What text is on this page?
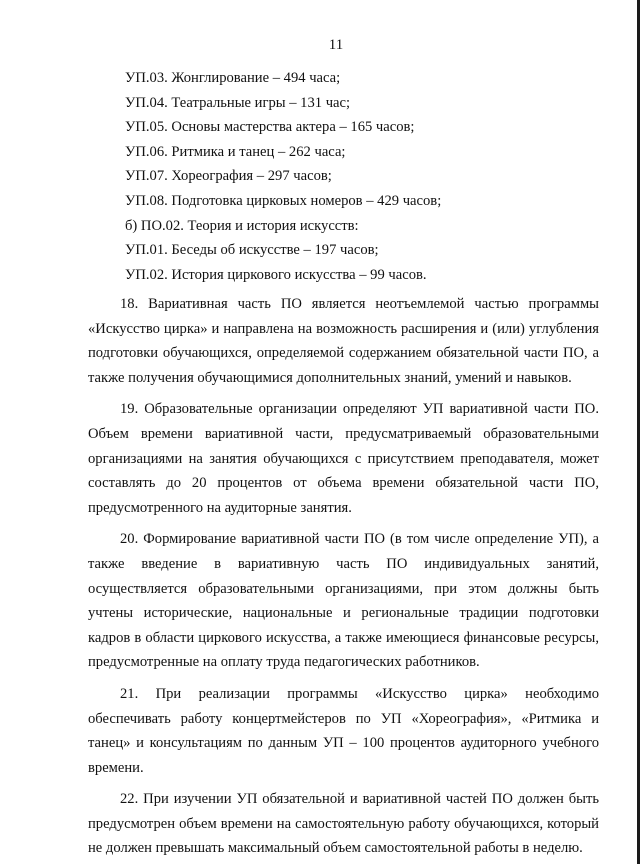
11
УП.03. Жонглирование – 494 часа;
УП.04. Театральные игры – 131 час;
УП.05. Основы мастерства актера – 165 часов;
УП.06. Ритмика и танец – 262 часа;
УП.07. Хореография – 297 часов;
УП.08. Подготовка цирковых номеров – 429 часов;
б) ПО.02. Теория и история искусств:
УП.01. Беседы об искусстве – 197 часов;
УП.02. История циркового искусства – 99 часов.

18. Вариативная часть ПО является неотъемлемой частью программы «Искусство цирка» и направлена на возможность расширения и (или) углубления подготовки обучающихся, определяемой содержанием обязательной части ПО, а также получения обучающимися дополнительных знаний, умений и навыков.

19. Образовательные организации определяют УП вариативной части ПО. Объем времени вариативной части, предусматриваемый образовательными организациями на занятия обучающихся с присутствием преподавателя, может составлять до 20 процентов от объема времени обязательной части ПО, предусмотренного на аудиторные занятия.

20. Формирование вариативной части ПО (в том числе определение УП), а также введение в вариативную часть ПО индивидуальных занятий, осуществляется образовательными организациями, при этом должны быть учтены исторические, национальные и региональные традиции подготовки кадров в области циркового искусства, а также имеющиеся финансовые ресурсы, предусмотренные на оплату труда педагогических работников.

21. При реализации программы «Искусство цирка» необходимо обеспечивать работу концертмейстеров по УП «Хореография», «Ритмика и танец» и консультациям по данным УП – 100 процентов аудиторного учебного времени.

22. При изучении УП обязательной и вариативной частей ПО должен быть предусмотрен объем времени на самостоятельную работу обучающихся, который не должен превышать максимальный объем самостоятельной работы в неделю.
